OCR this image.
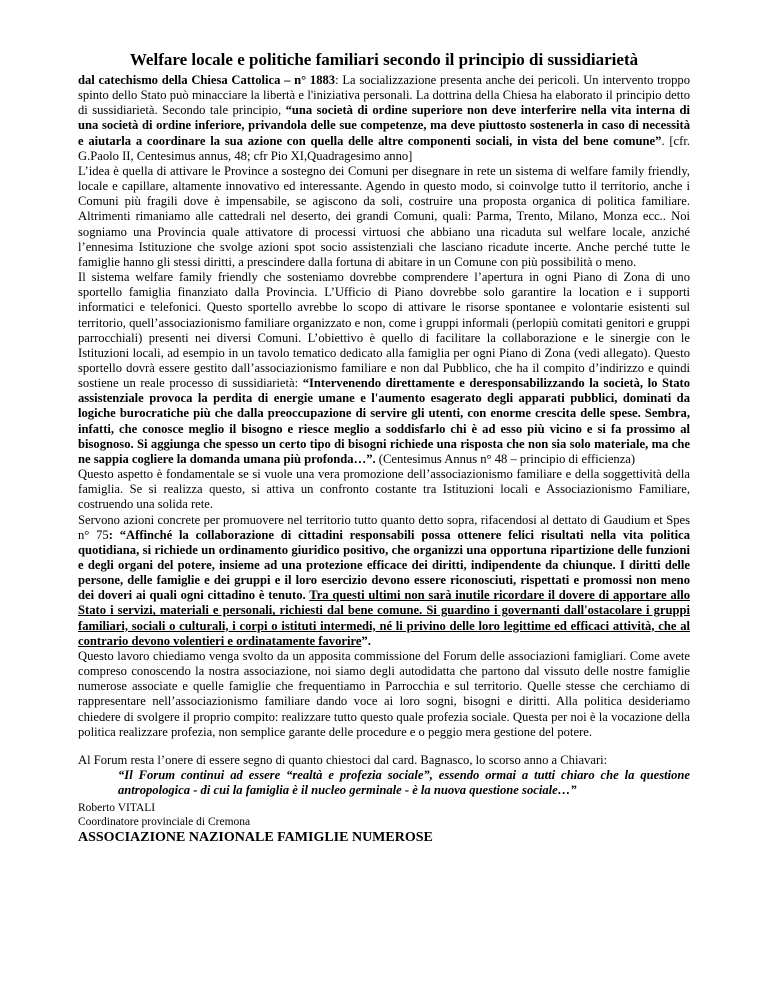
Welfare locale e politiche familiari secondo il principio di sussidiarietà

dal catechismo della Chiesa Cattolica – n° 1883: La socializzazione presenta anche dei pericoli. Un intervento troppo spinto dello Stato può minacciare la libertà e l'iniziativa personali. La dottrina della Chiesa ha elaborato il principio detto di sussidiarietà. Secondo tale principio, “una società di ordine superiore non deve interferire nella vita interna di una società di ordine inferiore, privandola delle sue competenze, ma deve piuttosto sostenerla in caso di necessità e aiutarla a coordinare la sua azione con quella delle altre componenti sociali, in vista del bene comune”. [cfr. G.Paolo II, Centesimus annus, 48; cfr Pio XI,Quadragesimo anno]

L’idea è quella di attivare le Province a sostegno dei Comuni per disegnare in rete un sistema di welfare family friendly, locale e capillare, altamente innovativo ed interessante. Agendo in questo modo, si coinvolge tutto il territorio, anche i Comuni più fragili dove è impensabile, se agiscono da soli, costruire una proposta organica di politica familiare. Altrimenti rimaniamo alle cattedrali nel deserto, dei grandi Comuni, quali: Parma, Trento, Milano, Monza ecc.. Noi sogniamo una Provincia quale attivatore di processi virtuosi che abbiano una ricaduta sul welfare locale, anziché l’ennesima Istituzione che svolge azioni spot socio assistenziali che lasciano ricadute incerte. Anche perché tutte le famiglie hanno gli stessi diritti, a prescindere dalla fortuna di abitare in un Comune con più possibilità o meno.

Il sistema welfare family friendly che sosteniamo dovrebbe comprendere l’apertura in ogni Piano di Zona di uno sportello famiglia finanziato dalla Provincia. L’Ufficio di Piano dovrebbe solo garantire la location e i supporti informatici e telefonici. Questo sportello avrebbe lo scopo di attivare le risorse spontanee e volontarie esistenti sul territorio, quell’associazionismo familiare organizzato e non, come i gruppi informali (perlopiù comitati genitori e gruppi parrocchiali) presenti nei diversi Comuni. L’obiettivo è quello di facilitare la collaborazione e le sinergie con le Istituzioni locali, ad esempio in un tavolo tematico dedicato alla famiglia per ogni Piano di Zona (vedi allegato). Questo sportello dovrà essere gestito dall’associazionismo familiare e non dal Pubblico, che ha il compito d’indirizzo e quindi sostiene un reale processo di sussidiarietà: “Intervenendo direttamente e deresponsabilizzando la società, lo Stato assistenziale provoca la perdita di energie umane e l'aumento esagerato degli apparati pubblici, dominati da logiche burocratiche più che dalla preoccupazione di servire gli utenti, con enorme crescita delle spese. Sembra, infatti, che conosce meglio il bisogno e riesce meglio a soddisfarlo chi è ad esso più vicino e si fa prossimo al bisognoso. Si aggiunga che spesso un certo tipo di bisogni richiede una risposta che non sia solo materiale, ma che ne sappia cogliere la domanda umana più profonda…”. (Centesimus Annus n° 48 – principio di efficienza)

Questo aspetto è fondamentale se si vuole una vera promozione dell’associazionismo familiare e della soggettività della famiglia. Se si realizza questo, si attiva un confronto costante tra Istituzioni locali e Associazionismo Familiare, costruendo una solida rete.

Servono azioni concrete per promuovere nel territorio tutto quanto detto sopra, rifacendosi al dettato di Gaudium et Spes n° 75: “Affinché la collaborazione di cittadini responsabili possa ottenere felici risultati nella vita politica quotidiana, si richiede un ordinamento giuridico positivo, che organizzi una opportuna ripartizione delle funzioni e degli organi del potere, insieme ad una protezione efficace dei diritti, indipendente da chiunque. I diritti delle persone, delle famiglie e dei gruppi e il loro esercizio devono essere riconosciuti, rispettati e promossi non meno dei doveri ai quali ogni cittadino è tenuto. Tra questi ultimi non sarà inutile ricordare il dovere di apportare allo Stato i servizi, materiali e personali, richiesti dal bene comune. Si guardino i governanti dall'ostacolare i gruppi familiari, sociali o culturali, i corpi o istituti intermedi, né li privino delle loro legittime ed efficaci attività, che al contrario devono volentieri e ordinatamente favorire”.

Questo lavoro chiediamo venga svolto da un apposita commissione del Forum delle associazioni famigliari. Come avete compreso conoscendo la nostra associazione, noi siamo degli autodidatta che partono dal vissuto delle nostre famiglie numerose associate e quelle famiglie che frequentiamo in Parrocchia e sul territorio. Quelle stesse che cerchiamo di rappresentare nell’associazionismo familiare dando voce ai loro sogni, bisogni e diritti. Alla politica desideriamo chiedere di svolgere il proprio compito: realizzare tutto questo quale profezia sociale. Questa per noi è la vocazione della politica realizzare profezia, non semplice garante delle procedure e o peggio mera gestione del potere.

Al Forum resta l’onere di essere segno di quanto chiestoci dal card. Bagnasco, lo scorso anno a Chiavari:

“Il Forum continui ad essere “realtà e profezia sociale”, essendo ormai a tutti chiaro che la questione antropologica - di cui la famiglia è il nucleo germinale - è la nuova questione sociale…”

Roberto VITALI

Coordinatore provinciale di Cremona

ASSOCIAZIONE NAZIONALE FAMIGLIE NUMEROSE
